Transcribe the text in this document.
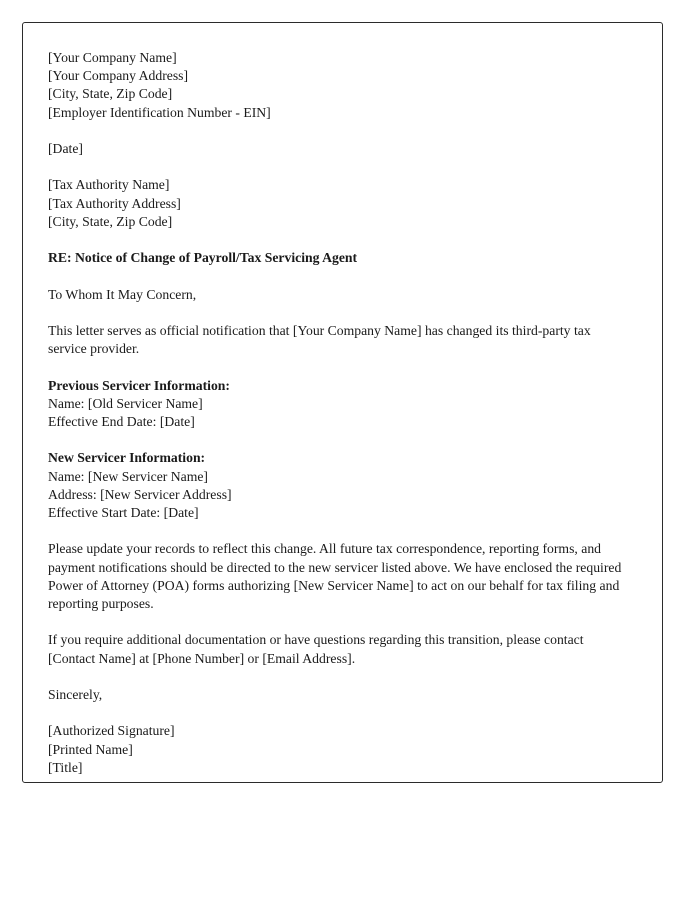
[Your Company Name]
[Your Company Address]
[City, State, Zip Code]
[Employer Identification Number - EIN]
[Date]
[Tax Authority Name]
[Tax Authority Address]
[City, State, Zip Code]
RE: Notice of Change of Payroll/Tax Servicing Agent
To Whom It May Concern,
This letter serves as official notification that [Your Company Name] has changed its third-party tax service provider.
Previous Servicer Information:
Name: [Old Servicer Name]
Effective End Date: [Date]
New Servicer Information:
Name: [New Servicer Name]
Address: [New Servicer Address]
Effective Start Date: [Date]
Please update your records to reflect this change. All future tax correspondence, reporting forms, and payment notifications should be directed to the new servicer listed above. We have enclosed the required Power of Attorney (POA) forms authorizing [New Servicer Name] to act on our behalf for tax filing and reporting purposes.
If you require additional documentation or have questions regarding this transition, please contact [Contact Name] at [Phone Number] or [Email Address].
Sincerely,
[Authorized Signature]
[Printed Name]
[Title]
